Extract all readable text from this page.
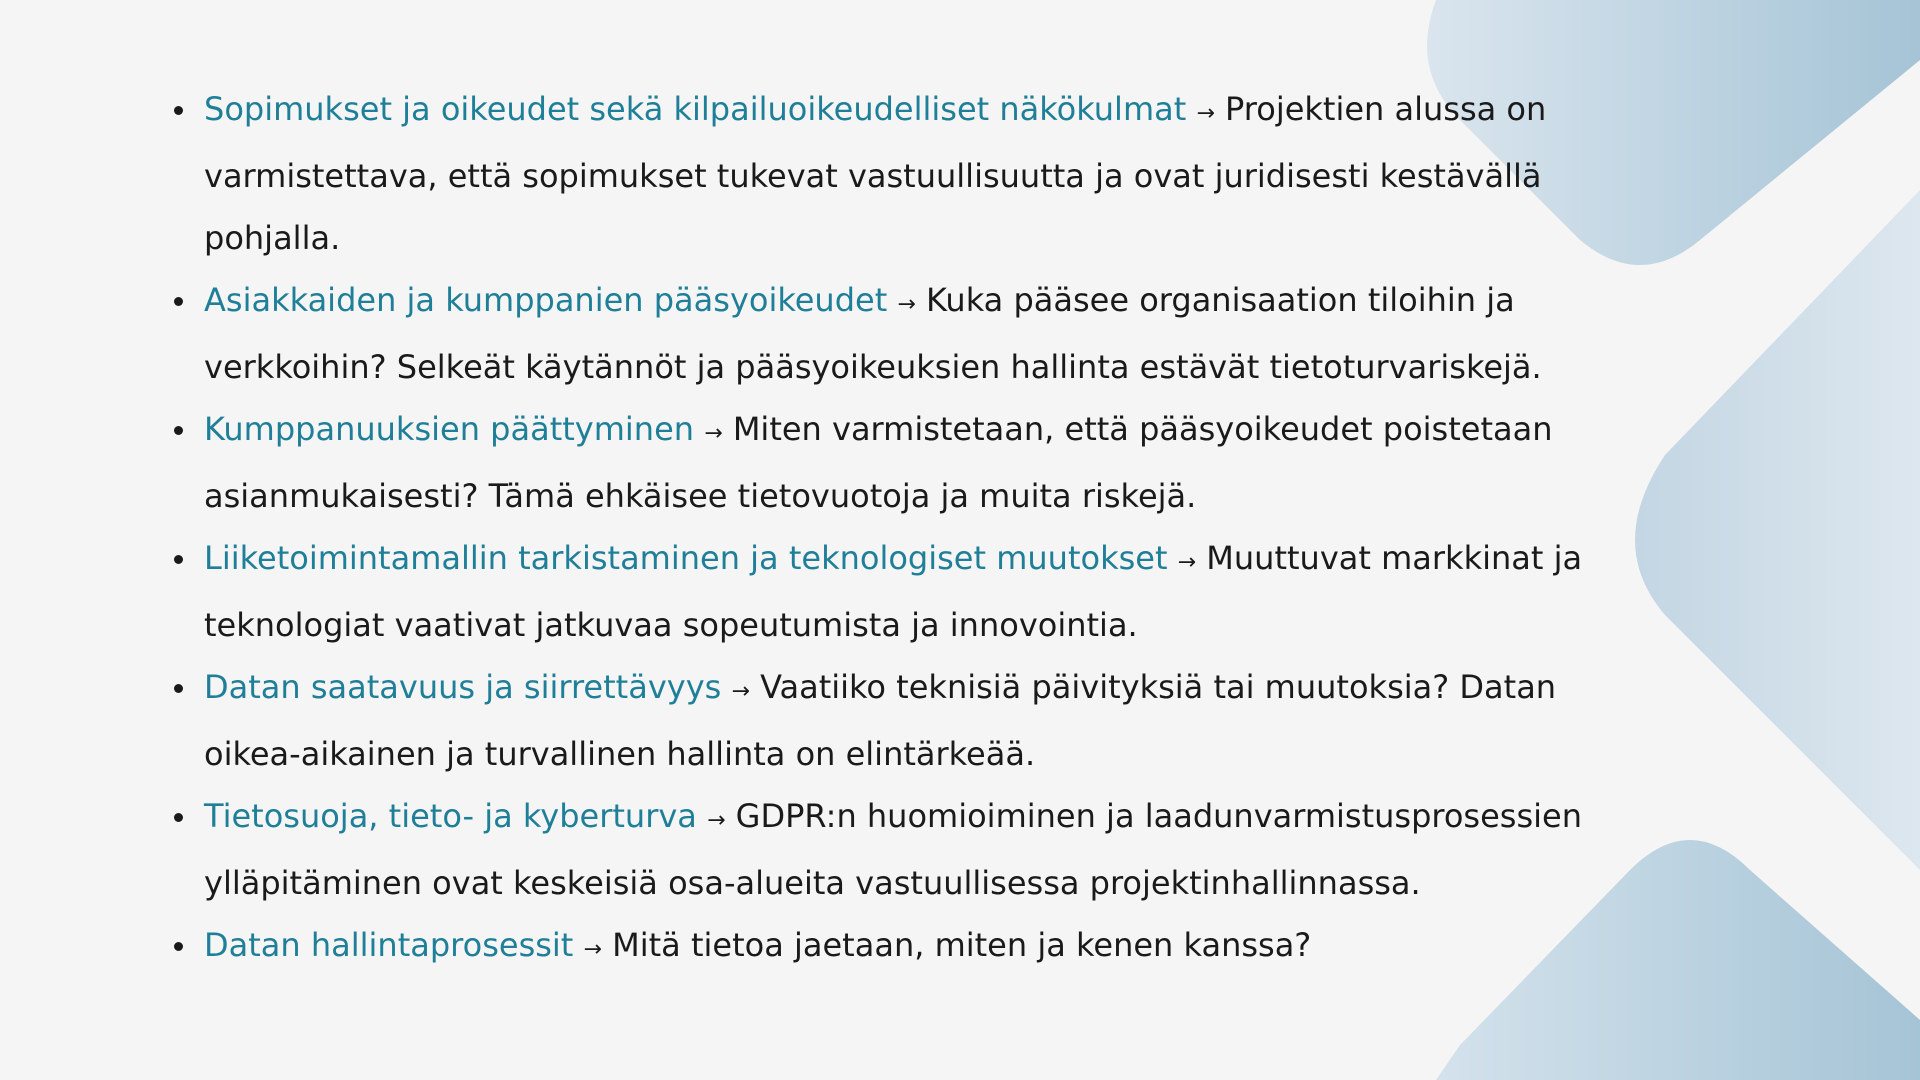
Sopimukset ja oikeudet sekä kilpailuoikeudelliset näkökulmat → Projektien alussa on varmistettava, että sopimukset tukevat vastuullisuutta ja ovat juridisesti kestävällä pohjalla.
Asiakkaiden ja kumppanien pääsyoikeudet → Kuka pääsee organisaation tiloihin ja verkkoihin? Selkeät käytännöt ja pääsyoikeuksien hallinta estävät tietoturvariskejä.
Kumppanuuksien päättyminen → Miten varmistetaan, että pääsyoikeudet poistetaan asianmukaisesti? Tämä ehkäisee tietovuotoja ja muita riskejä.
Liiketoimintamallin tarkistaminen ja teknologiset muutokset → Muuttuvat markkinat ja teknologiat vaativat jatkuvaa sopeutumista ja innovointia.
Datan saatavuus ja siirrettävyys → Vaatiiko teknisiä päivityksiä tai muutoksia? Datan oikea-aikainen ja turvallinen hallinta on elintärkeää.
Tietosuoja, tieto- ja kyberturva → GDPR:n huomioiminen ja laadunvarmistusprosessien ylläpitäminen ovat keskeisiä osa-alueita vastuullisessa projektinhallinnassa.
Datan hallintaprosessit → Mitä tietoa jaetaan, miten ja kenen kanssa?
